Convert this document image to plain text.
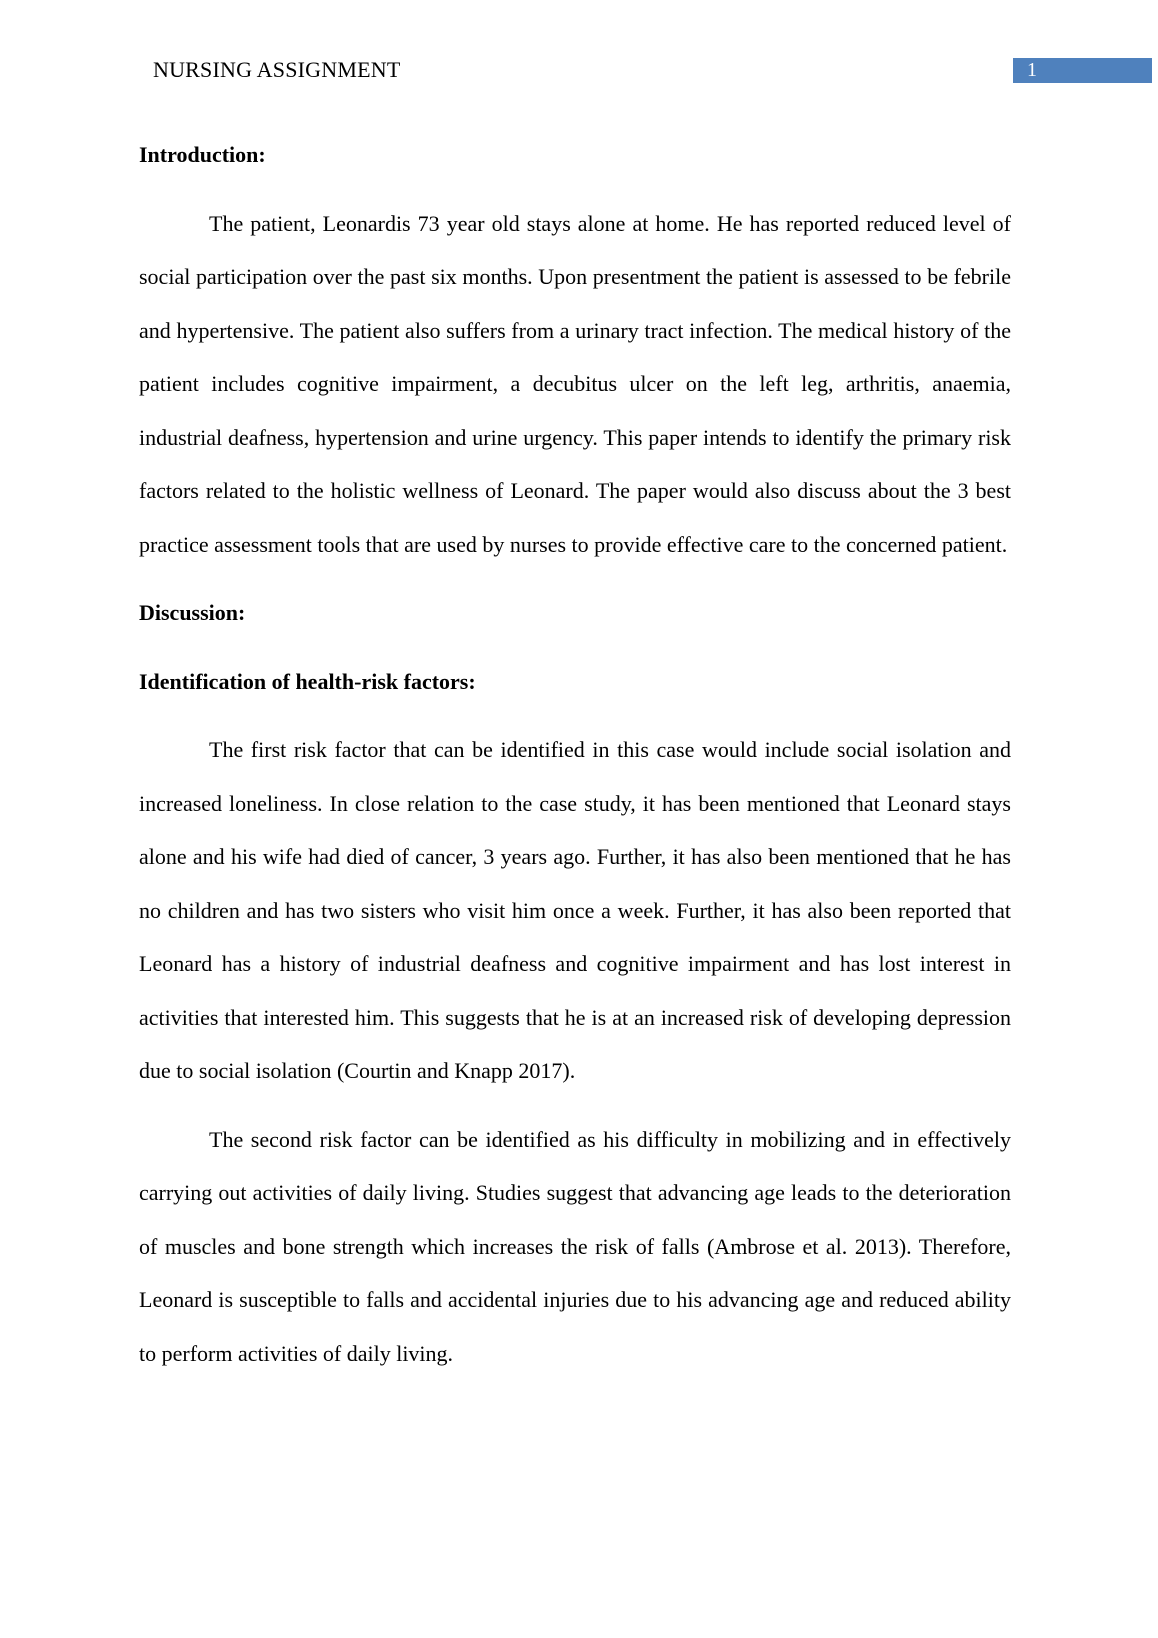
NURSING ASSIGNMENT	1

Introduction:

The patient, Leonardis 73 year old stays alone at home. He has reported reduced level of social participation over the past six months. Upon presentment the patient is assessed to be febrile and hypertensive. The patient also suffers from a urinary tract infection. The medical history of the patient includes cognitive impairment, a decubitus ulcer on the left leg, arthritis, anaemia, industrial deafness, hypertension and urine urgency. This paper intends to identify the primary risk factors related to the holistic wellness of Leonard. The paper would also discuss about the 3 best practice assessment tools that are used by nurses to provide effective care to the concerned patient.

Discussion:

Identification of health-risk factors:

The first risk factor that can be identified in this case would include social isolation and increased loneliness. In close relation to the case study, it has been mentioned that Leonard stays alone and his wife had died of cancer, 3 years ago. Further, it has also been mentioned that he has no children and has two sisters who visit him once a week. Further, it has also been reported that Leonard has a history of industrial deafness and cognitive impairment and has lost interest in activities that interested him. This suggests that he is at an increased risk of developing depression due to social isolation (Courtin and Knapp 2017).

The second risk factor can be identified as his difficulty in mobilizing and in effectively carrying out activities of daily living. Studies suggest that advancing age leads to the deterioration of muscles and bone strength which increases the risk of falls (Ambrose et al. 2013). Therefore, Leonard is susceptible to falls and accidental injuries due to his advancing age and reduced ability to perform activities of daily living.
